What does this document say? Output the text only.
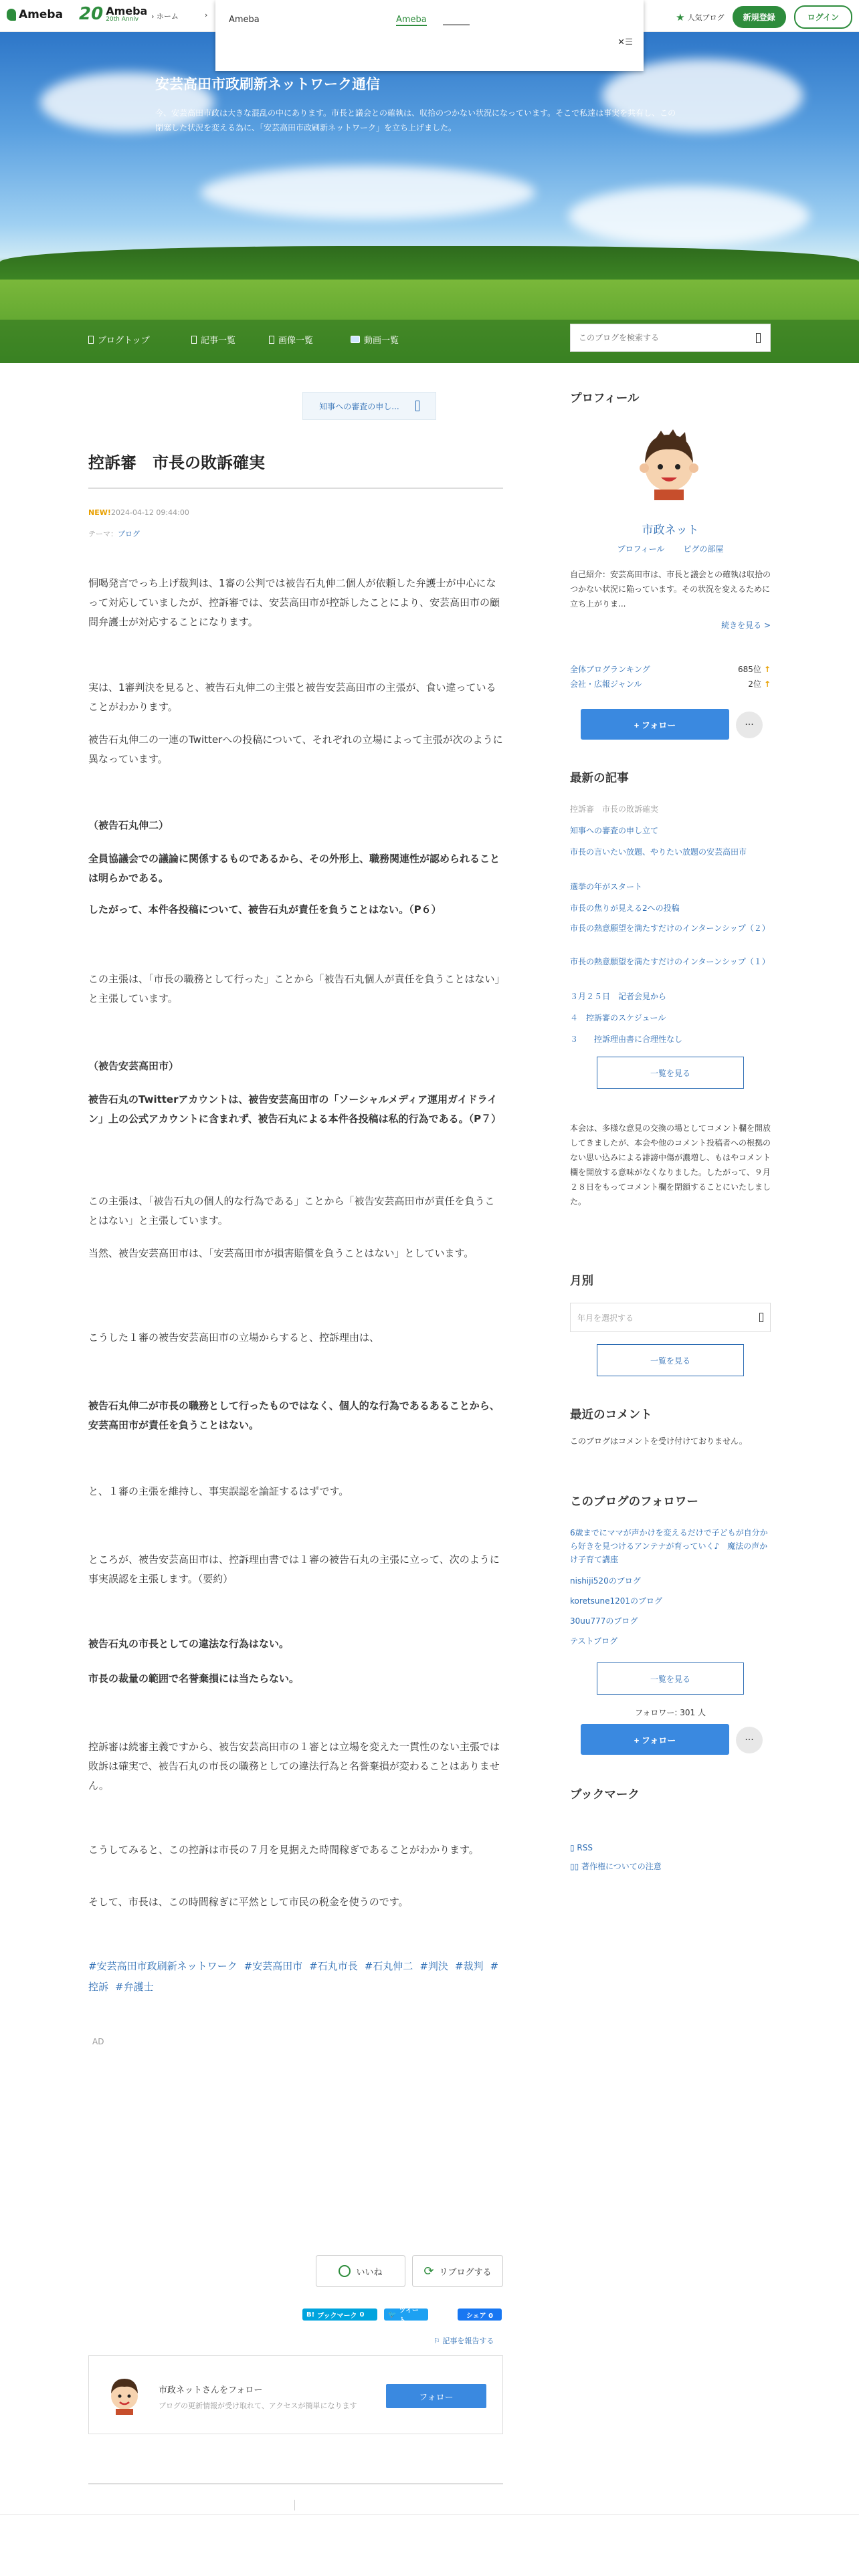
Ameba 20 Ameba
20th Anniv	› ホーム	›	★ 人気ブログ	新規登録	ログイン
Ameba	Ameba
✕ ☰
安芸高田市政刷新ネットワーク通信
今、安芸高田市政は大きな混乱の中にあります。市長と議会との確執は、収拾のつかない状況になっています。そこで私達は事実を共有し、この閉塞した状況を変える為に、「安芸高田市政刷新ネットワーク」を立ち上げました。
ブログトップ	記事一覧	画像一覧	動画一覧
このブログを検索する
知事への審査の申し...
控訴審　市長の敗訴確実
NEW! 2024-04-12 09:44:00
テーマ：ブログ

恫喝発言でっち上げ裁判は、1審の公判では被告石丸伸二個人が依頼した弁護士が中心になって対応していましたが、控訴審では、安芸高田市が控訴したことにより、安芸高田市の顧問弁護士が対応することになります。

実は、1審判決を見ると、被告石丸伸二の主張と被告安芸高田市の主張が、食い違っていることがわかります。

被告石丸伸二の一連のTwitterへの投稿について、それぞれの立場によって主張が次のように異なっています。

（被告石丸伸二）

全員協議会での議論に関係するものであるから、その外形上、職務関連性が認められることは明らかである。

したがって、本件各投稿について、被告石丸が責任を負うことはない。（P６）

この主張は、「市長の職務として行った」ことから「被告石丸個人が責任を負うことはない」と主張しています。

（被告安芸高田市）

被告石丸のTwitterアカウントは、被告安芸高田市の「ソーシャルメディア運用ガイドライン」上の公式アカウントに含まれず、被告石丸による本件各投稿は私的行為である。（P７）

この主張は、「被告石丸の個人的な行為である」ことから「被告安芸高田市が責任を負うことはない」と主張しています。

当然、被告安芸高田市は、「安芸高田市が損害賠償を負うことはない」としています。

こうした１審の被告安芸高田市の立場からすると、控訴理由は、

被告石丸伸二が市長の職務として行ったものではなく、個人的な行為であるあることから、安芸高田市が責任を負うことはない。

と、１審の主張を維持し、事実誤認を論証するはずです。

ところが、被告安芸高田市は、控訴理由書では１審の被告石丸の主張に立って、次のように事実誤認を主張します。（要約）

被告石丸の市長としての違法な行為はない。

市長の裁量の範囲で名誉棄損には当たらない。

控訴審は続審主義ですから、被告安芸高田市の１審とは立場を変えた一貫性のない主張では敗訴は確実で、被告石丸の市長の職務としての違法行為と名誉棄損が変わることはありません。

こうしてみると、この控訴は市長の７月を見据えた時間稼ぎであることがわかります。

そして、市長は、この時間稼ぎに平然として市民の税金を使うのです。

#安芸高田市政刷新ネットワーク #安芸高田市 #石丸市長 #石丸伸二 #判決 #裁判 #控訴 #弁護士
AD
いいね	⟳ リブログする
B! ブックマーク 0	🐦 ツイート
シェア 0
⚐ 記事を報告する
市政ネットさんをフォロー
ブログの更新情報が受け取れて、アクセスが簡単になります
フォロー
プロフィール
市政ネット
プロフィール ピグの部屋
自己紹介：安芸高田市は、市長と議会との確執は収拾のつかない状況に陥っています。その状況を変えるために立ち上がりま...
続きを見る >
全体ブログランキング	685位 ↑
会社・広報ジャンル	2位 ↑
+ フォロー	···
最新の記事
控訴審　市長の敗訴確実
知事への審査の申し立て
市長の言いたい放題、やりたい放題の安芸高田市
選挙の年がスタート
市長の焦りが見える2への投稿
市長の熱意願望を満たすだけのインターンシップ（２）
市長の熱意願望を満たすだけのインターンシップ（１）
３月２５日　記者会見から
４　控訴審のスケジュール
３　　控訴理由書に合理性なし
一覧を見る
本会は、多様な意見の交換の場としてコメント欄を開放してきましたが、本会や他のコメント投稿者への根拠のない思い込みによる誹謗中傷が濃増し、もはやコメント欄を開放する意味がなくなりました。したがって、９月２８日をもってコメント欄を閉鎖することにいたしました。
月別
年月を選択する
一覧を見る
最近のコメント
このブログはコメントを受け付けておりません。
このブログのフォロワー
6歳までにママが声かけを変えるだけで子どもが自分から好きを見つけるアンテナが育っていく♪　魔法の声かけ子育て講座
nishiji520のブログ
koretsune1201のブログ
30uu777のブログ
テストブログ
一覧を見る
フォロワー: 301 人
+ フォロー	···
ブックマーク
▯ RSS
▯▯ 著作権についての注意
